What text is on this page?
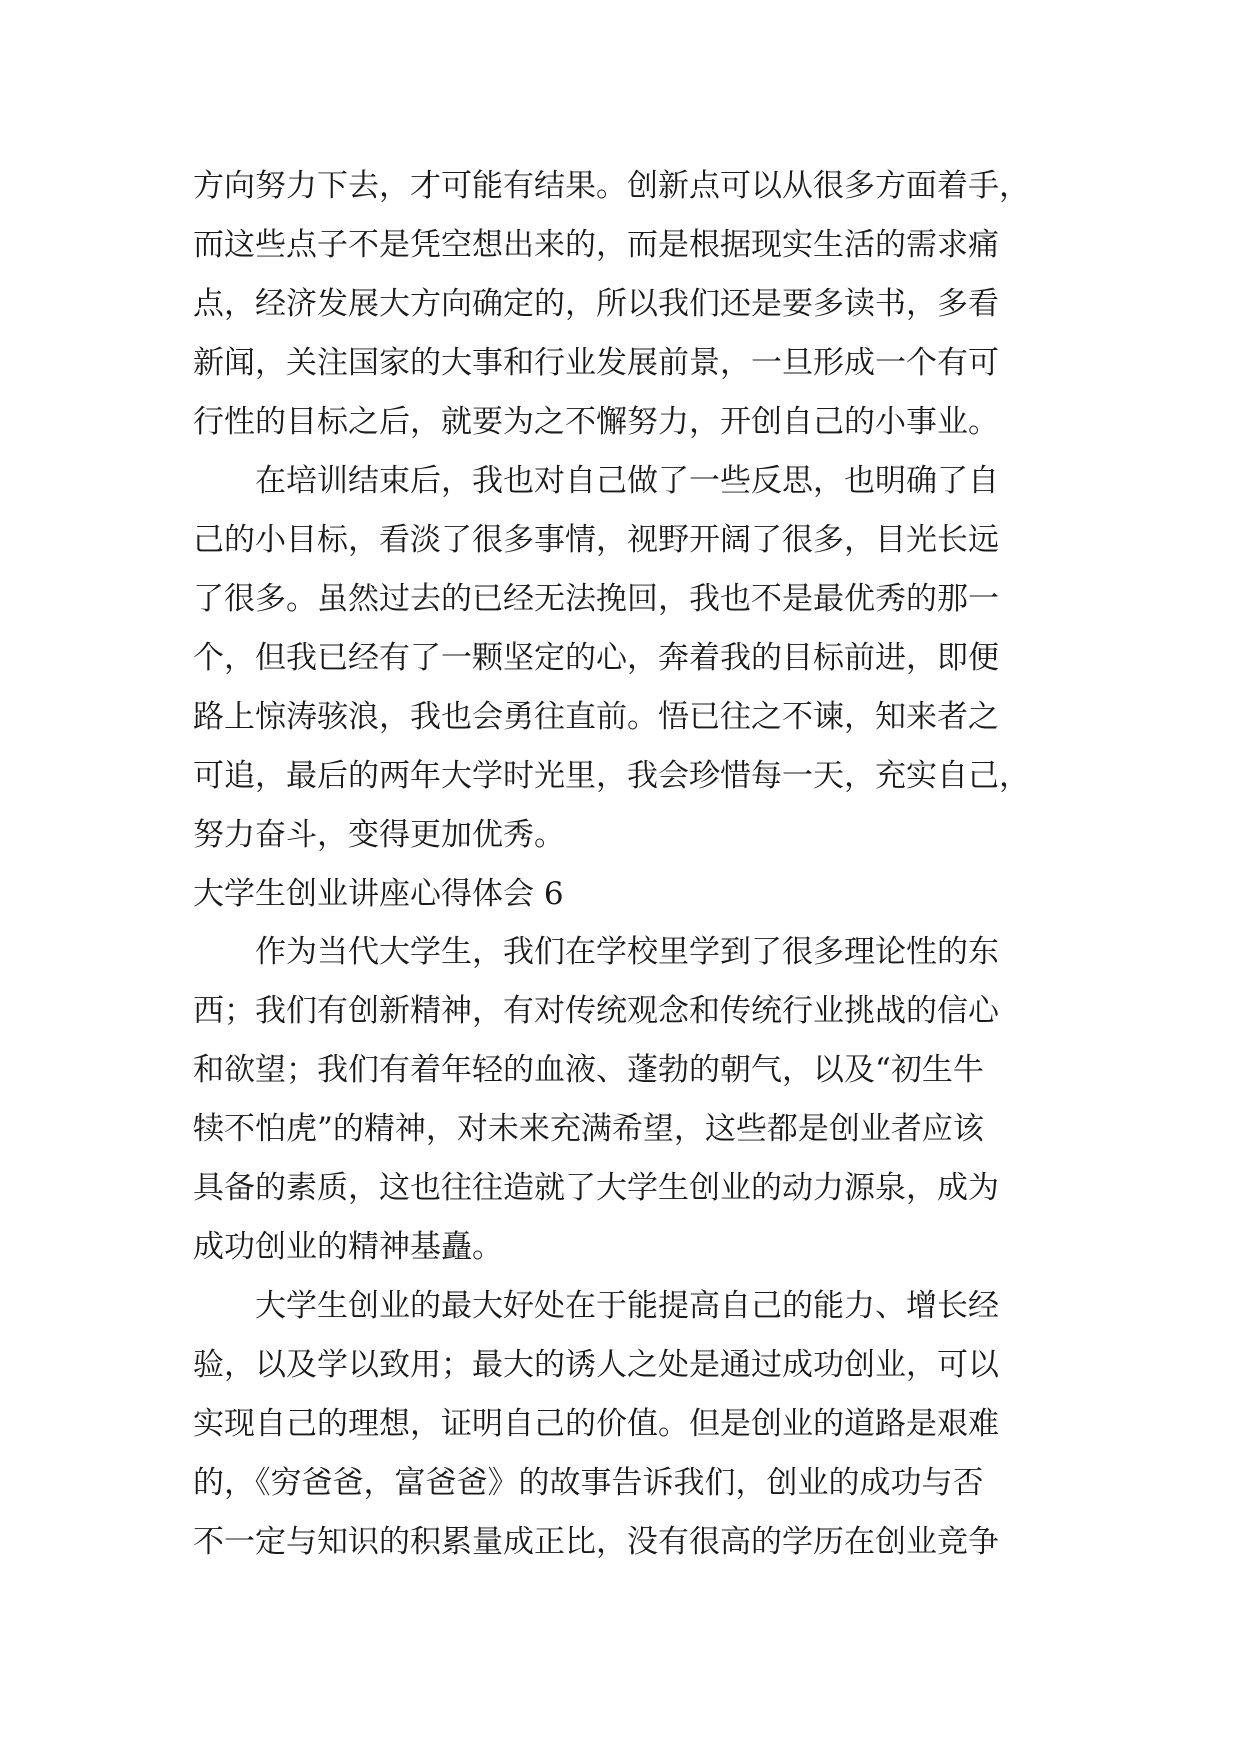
方向努力下去，才可能有结果。创新点可以从很多方面着手，
而这些点子不是凭空想出来的，而是根据现实生活的需求痛
点，经济发展大方向确定的，所以我们还是要多读书，多看
新闻，关注国家的大事和行业发展前景，一旦形成一个有可
行性的目标之后，就要为之不懈努力，开创自己的小事业。
在培训结束后，我也对自己做了一些反思，也明确了自
己的小目标，看淡了很多事情，视野开阔了很多，目光长远
了很多。虽然过去的已经无法挽回，我也不是最优秀的那一
个，但我已经有了一颗坚定的心，奔着我的目标前进，即便
路上惊涛骇浪，我也会勇往直前。悟已往之不谏，知来者之
可追，最后的两年大学时光里，我会珍惜每一天，充实自己，
努力奋斗，变得更加优秀。
大学生创业讲座心得体会 6
作为当代大学生，我们在学校里学到了很多理论性的东
西；我们有创新精神，有对传统观念和传统行业挑战的信心
和欲望；我们有着年轻的血液、蓬勃的朝气，以及“初生牛
犊不怕虎”的精神，对未来充满希望，这些都是创业者应该
具备的素质，这也往往造就了大学生创业的动力源泉，成为
成功创业的精神基矗。
大学生创业的最大好处在于能提高自己的能力、增长经
验，以及学以致用；最大的诱人之处是通过成功创业，可以
实现自己的理想，证明自己的价值。但是创业的道路是艰难
的，《穷爸爸，富爸爸》的故事告诉我们，创业的成功与否
不一定与知识的积累量成正比，没有很高的学历在创业竞争
